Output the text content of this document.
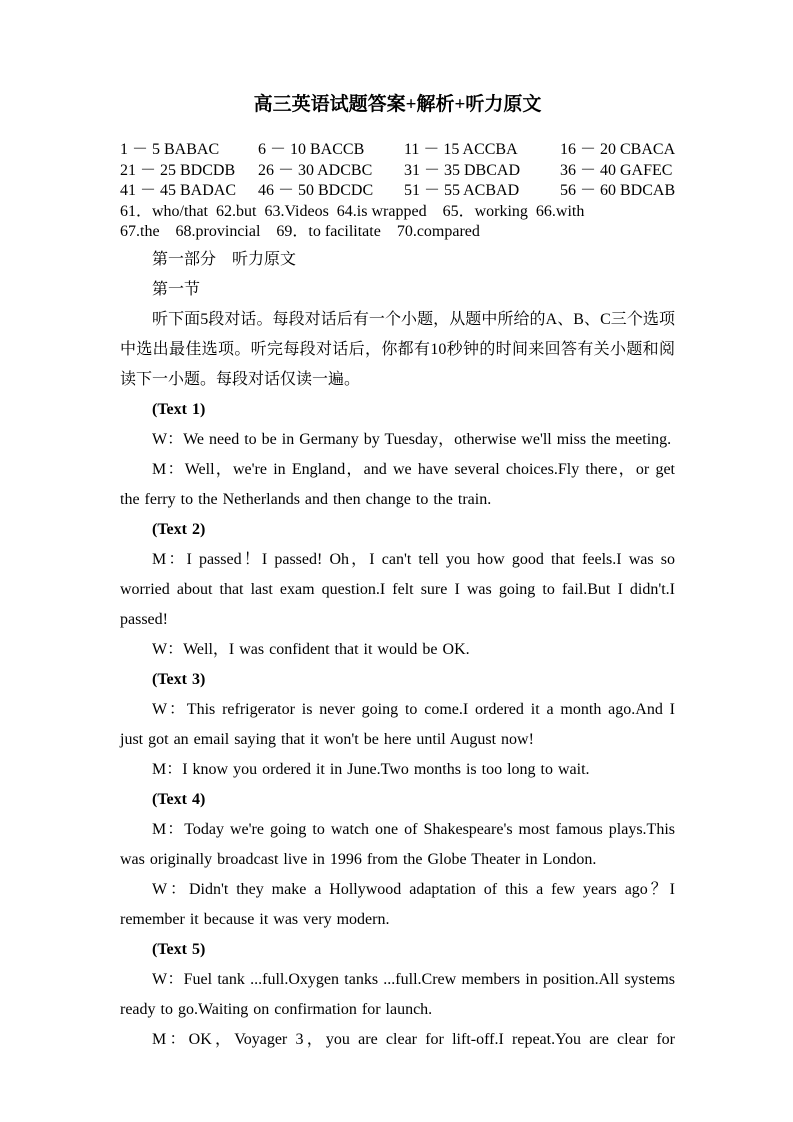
高三英语试题答案+解析+听力原文
1 － 5 BABAC	6 － 10 BACCB	11 － 15 ACCBA	16 － 20 CBACA
21 － 25 BDCDB	26 － 30 ADCBC	31 － 35 DBCAD	36 － 40 GAFEC
41 － 45 BADAC	46 － 50 BDCDC	51 － 55 ACBAD	56 － 60 BDCAB
61．who/that  62.but  63.Videos  64.is wrapped    65．working  66.with
67.the    68.provincial    69．to facilitate    70.compared

第一部分　听力原文

第一节

听下面5段对话。每段对话后有一个小题，从题中所给的A、B、C三个选项中选出最佳选项。听完每段对话后，你都有10秒钟的时间来回答有关小题和阅读下一小题。每段对话仅读一遍。

(Text 1)

W：We need to be in Germany by Tuesday，otherwise we'll miss the meeting.

M：Well，we're in England，and we have several choices.Fly there，or get the ferry to the Netherlands and then change to the train.

(Text 2)

M：I passed！I passed! Oh，I can't tell you how good that feels.I was so worried about that last exam question.I felt sure I was going to fail.But I didn't.I passed!

W：Well，I was confident that it would be OK.

(Text 3)

W：This refrigerator is never going to come.I ordered it a month ago.And I just got an email saying that it won't be here until August now!

M：I know you ordered it in June.Two months is too long to wait.

(Text 4)

M：Today we're going to watch one of Shakespeare's most famous plays.This was originally broadcast live in 1996 from the Globe Theater in London.

W：Didn't they make a Hollywood adaptation of this a few years ago？I remember it because it was very modern.

(Text 5)

W：Fuel tank ...full.Oxygen tanks ...full.Crew members in position.All systems ready to go.Waiting on confirmation for launch.

M：OK，Voyager 3，you are clear for lift-off.I repeat.You are clear for
